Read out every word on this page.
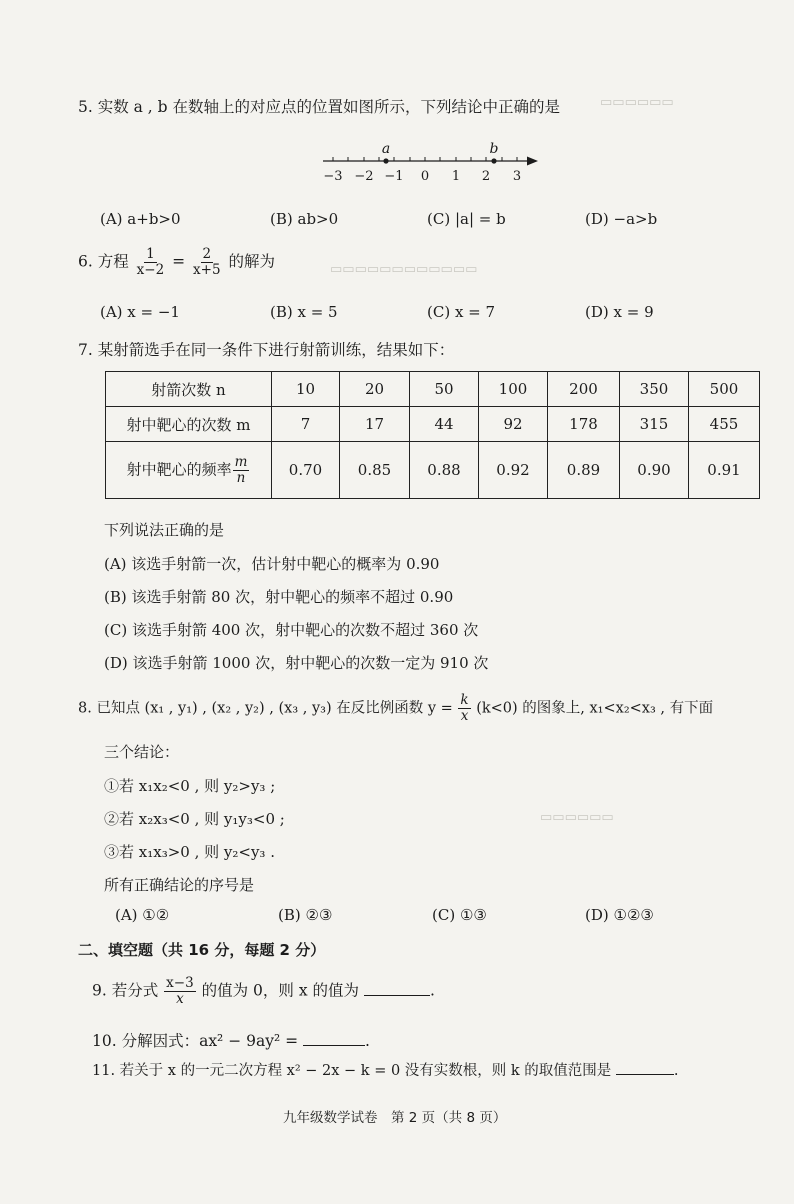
▭▭▭▭▭▭
▭▭▭▭▭▭▭▭▭▭▭▭
▭▭▭▭▭▭
5. 实数 a , b 在数轴上的对应点的位置如图所示，下列结论中正确的是
a	b
−3 −2 −1 0 1 2 3
(A) a+b>0	(B) ab>0	(C) |a| = b	(D) −a>b
6. 方程 $\frac{1}{x-2} = \frac{2}{x+5}$ 的解为
(A) x = −1	(B) x = 5	(C) x = 7	(D) x = 9
7. 某射箭选手在同一条件下进行射箭训练，结果如下：
射箭次数 n	10	20	50	100	200	350	500
射中靶心的次数 m	7	17	44	92	178	315	455
射中靶心的频率 $\frac{m}{n}$	0.70	0.85	0.88	0.92	0.89	0.90	0.91
下列说法正确的是
(A) 该选手射箭一次，估计射中靶心的概率为 0.90
(B) 该选手射箭 80 次，射中靶心的频率不超过 0.90
(C) 该选手射箭 400 次，射中靶心的次数不超过 360 次
(D) 该选手射箭 1000 次，射中靶心的次数一定为 910 次
8. 已知点 (x₁ , y₁) , (x₂ , y₂) , (x₃ , y₃) 在反比例函数 $y = \frac{k}{x} (k<0)$ 的图象上, x₁<x₂<x₃ , 有下面
三个结论：
①若 x₁x₂<0 , 则 y₂>y₃ ;
②若 x₂x₃<0 , 则 y₁y₃<0 ;
③若 x₁x₃>0 , 则 y₂<y₃ .
所有正确结论的序号是
(A) ①②	(B) ②③	(C) ①③	(D) ①②③
二、填空题（共 16 分，每题 2 分）
9. 若分式 $\frac{x-3}{x}$ 的值为 0，则 x 的值为	.
10. 分解因式：ax² − 9ay² =	.
11. 若关于 x 的一元二次方程 x² − 2x − k = 0 没有实数根，则 k 的取值范围是	.
九年级数学试卷　第 2 页（共 8 页）
